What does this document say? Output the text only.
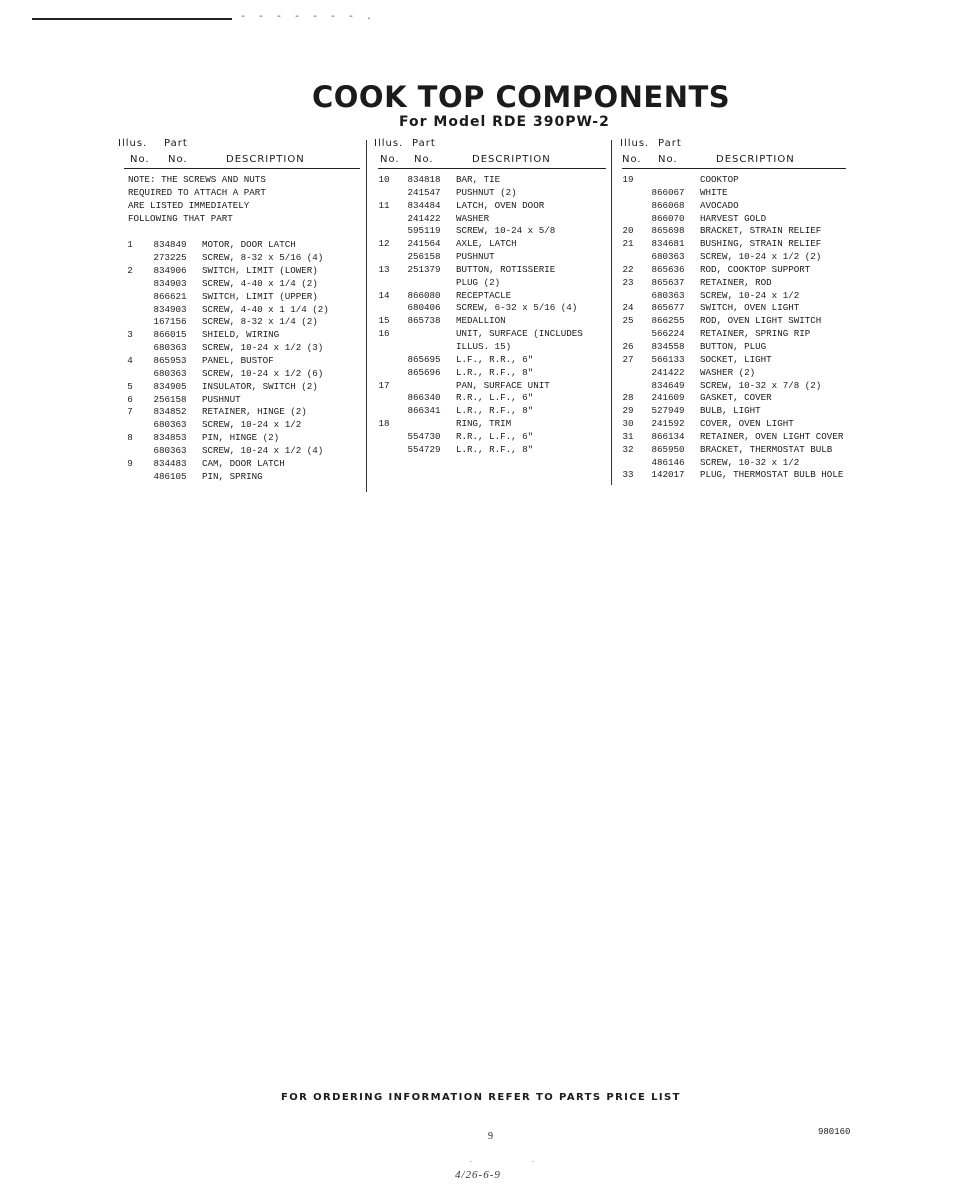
- - - - - - - .
COOK TOP COMPONENTS
For Model RDE 390PW-2
Illus. Part
No. No.	DESCRIPTION
NOTE: THE SCREWS AND NUTS
REQUIRED TO ATTACH A PART
ARE LISTED IMMEDIATELY
FOLLOWING THAT PART
1	834849	MOTOR, DOOR LATCH
273225	SCREW, 8-32 x 5/16 (4)
2	834906	SWITCH, LIMIT (LOWER)
834903	SCREW, 4-40 x 1/4 (2)
866621	SWITCH, LIMIT (UPPER)
834903	SCREW, 4-40 x 1 1/4 (2)
167156	SCREW, 8-32 x 1/4 (2)
3	866015	SHIELD, WIRING
680363	SCREW, 10-24 x 1/2 (3)
4	865953	PANEL, BUSTOF
680363	SCREW, 10-24 x 1/2 (6)
5	834905	INSULATOR, SWITCH (2)
6	256158	PUSHNUT
7	834852	RETAINER, HINGE (2)
680363	SCREW, 10-24 x 1/2
8	834853	PIN, HINGE (2)
680363	SCREW, 10-24 x 1/2 (4)
9	834483	CAM, DOOR LATCH
486105	PIN, SPRING
Illus. Part
No. No.	DESCRIPTION
10	834818	BAR, TIE
241547	PUSHNUT (2)
11	834484	LATCH, OVEN DOOR
241422	WASHER
595119	SCREW, 10-24 x 5/8
12	241564	AXLE, LATCH
256158	PUSHNUT
13	251379	BUTTON, ROTISSERIE
PLUG (2)
14	866080	RECEPTACLE
680406	SCREW, 6-32 x 5/16 (4)
15	865738	MEDALLION
16	UNIT, SURFACE (INCLUDES
ILLUS. 15)
865695	L.F., R.R., 6"
865696	L.R., R.F., 8"
17	PAN, SURFACE UNIT
866340	R.R., L.F., 6"
866341	L.R., R.F., 8"
18	RING, TRIM
554730	R.R., L.F., 6"
554729	L.R., R.F., 8"
Illus. Part
No. No.	DESCRIPTION
19	COOKTOP
866067	WHITE
866068	AVOCADO
866070	HARVEST GOLD
20	865698	BRACKET, STRAIN RELIEF
21	834681	BUSHING, STRAIN RELIEF
680363	SCREW, 10-24 x 1/2 (2)
22	865636	ROD, COOKTOP SUPPORT
23	865637	RETAINER, ROD
680363	SCREW, 10-24 x 1/2
24	865677	SWITCH, OVEN LIGHT
25	866255	ROD, OVEN LIGHT SWITCH
566224	RETAINER, SPRING RIP
26	834558	BUTTON, PLUG
27	566133	SOCKET, LIGHT
241422	WASHER (2)
834649	SCREW, 10-32 x 7/8 (2)
28	241609	GASKET, COVER
29	527949	BULB, LIGHT
30	241592	COVER, OVEN LIGHT
31	866134	RETAINER, OVEN LIGHT COVER
32	865950	BRACKET, THERMOSTAT BULB
486146	SCREW, 10-32 x 1/2
33	142017	PLUG, THERMOSTAT BULB HOLE

FOR ORDERING INFORMATION REFER TO PARTS PRICE LIST

9	980160
..
4/26-6-9
